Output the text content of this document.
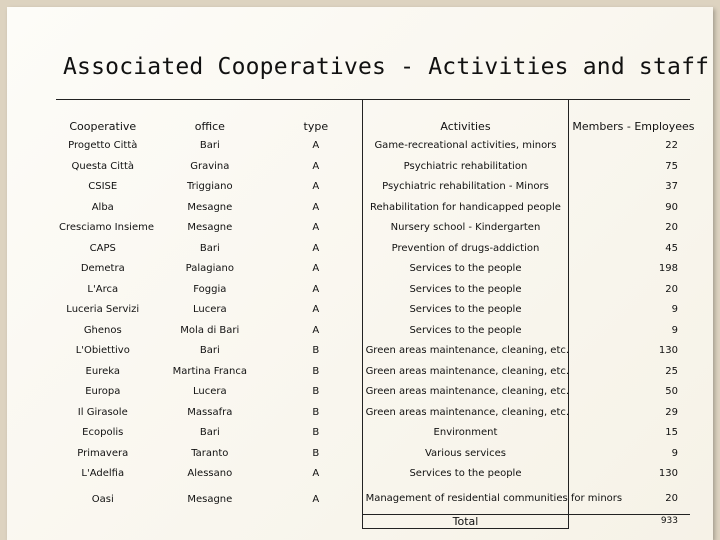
Associated Cooperatives - Activities and staff
Cooperative	office	type	Activities	Members - Employees
Progetto Città	Bari	A	Game-recreational activities, minors	22
Questa Città	Gravina	A	Psychiatric rehabilitation	75
CSISE	Triggiano	A	Psychiatric rehabilitation - Minors	37
Alba	Mesagne	A	Rehabilitation for handicapped people	90
Cresciamo Insieme	Mesagne	A	Nursery school - Kindergarten	20
CAPS	Bari	A	Prevention of drugs-addiction	45
Demetra	Palagiano	A	Services to the people	198
L'Arca	Foggia	A	Services to the people	20
Luceria Servizi	Lucera	A	Services to the people	9
Ghenos	Mola di Bari	A	Services to the people	9
L'Obiettivo	Bari	B	Green areas maintenance, cleaning, etc.	130
Eureka	Martina Franca	B	Green areas maintenance, cleaning, etc.	25
Europa	Lucera	B	Green areas maintenance, cleaning, etc.	50
Il Girasole	Massafra	B	Green areas maintenance, cleaning, etc.	29
Ecopolis	Bari	B	Environment	15
Primavera	Taranto	B	Various services	9
L'Adelfia	Alessano	A	Services to the people	130
Oasi	Mesagne	A	Management of residential communities for minors	20
			Total	933
